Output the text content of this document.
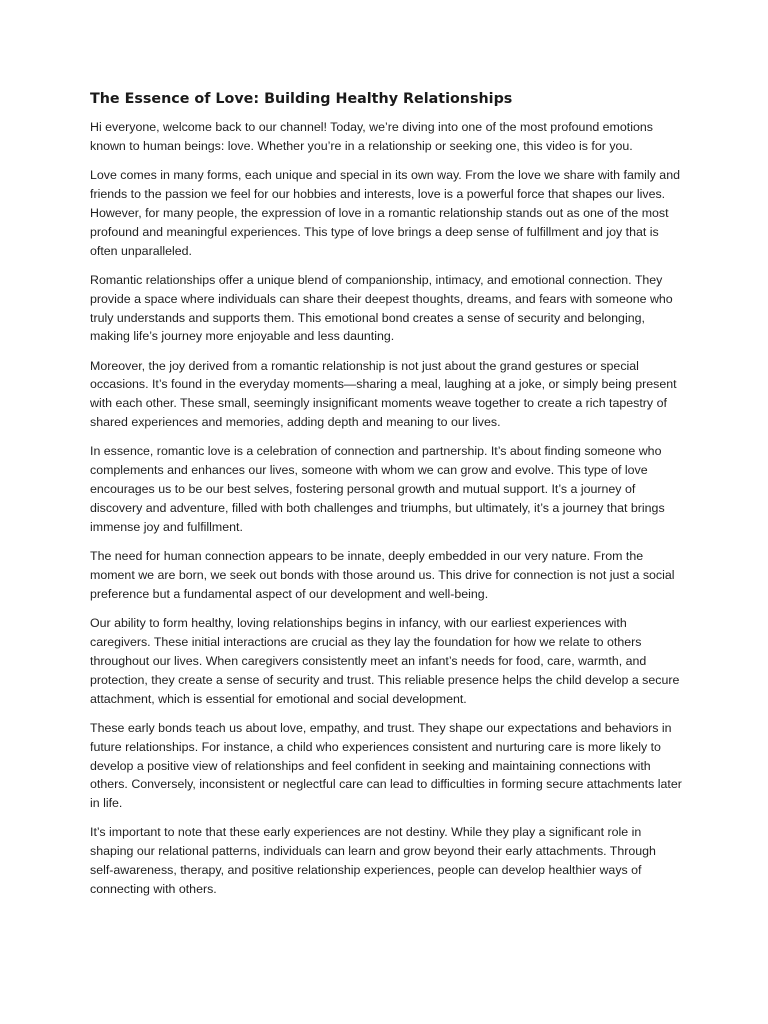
The Essence of Love: Building Healthy Relationships

Hi everyone, welcome back to our channel! Today, we’re diving into one of the most profound emotions known to human beings: love. Whether you’re in a relationship or seeking one, this video is for you.

Love comes in many forms, each unique and special in its own way. From the love we share with family and friends to the passion we feel for our hobbies and interests, love is a powerful force that shapes our lives. However, for many people, the expression of love in a romantic relationship stands out as one of the most profound and meaningful experiences. This type of love brings a deep sense of fulfillment and joy that is often unparalleled.

Romantic relationships offer a unique blend of companionship, intimacy, and emotional connection. They provide a space where individuals can share their deepest thoughts, dreams, and fears with someone who truly understands and supports them. This emotional bond creates a sense of security and belonging, making life’s journey more enjoyable and less daunting.

Moreover, the joy derived from a romantic relationship is not just about the grand gestures or special occasions. It’s found in the everyday moments—sharing a meal, laughing at a joke, or simply being present with each other. These small, seemingly insignificant moments weave together to create a rich tapestry of shared experiences and memories, adding depth and meaning to our lives.

In essence, romantic love is a celebration of connection and partnership. It’s about finding someone who complements and enhances our lives, someone with whom we can grow and evolve. This type of love encourages us to be our best selves, fostering personal growth and mutual support. It’s a journey of discovery and adventure, filled with both challenges and triumphs, but ultimately, it’s a journey that brings immense joy and fulfillment.

The need for human connection appears to be innate, deeply embedded in our very nature. From the moment we are born, we seek out bonds with those around us. This drive for connection is not just a social preference but a fundamental aspect of our development and well-being.

Our ability to form healthy, loving relationships begins in infancy, with our earliest experiences with caregivers. These initial interactions are crucial as they lay the foundation for how we relate to others throughout our lives. When caregivers consistently meet an infant’s needs for food, care, warmth, and protection, they create a sense of security and trust. This reliable presence helps the child develop a secure attachment, which is essential for emotional and social development.

These early bonds teach us about love, empathy, and trust. They shape our expectations and behaviors in future relationships. For instance, a child who experiences consistent and nurturing care is more likely to develop a positive view of relationships and feel confident in seeking and maintaining connections with others. Conversely, inconsistent or neglectful care can lead to difficulties in forming secure attachments later in life.

It’s important to note that these early experiences are not destiny. While they play a significant role in shaping our relational patterns, individuals can learn and grow beyond their early attachments. Through self-awareness, therapy, and positive relationship experiences, people can develop healthier ways of connecting with others.
